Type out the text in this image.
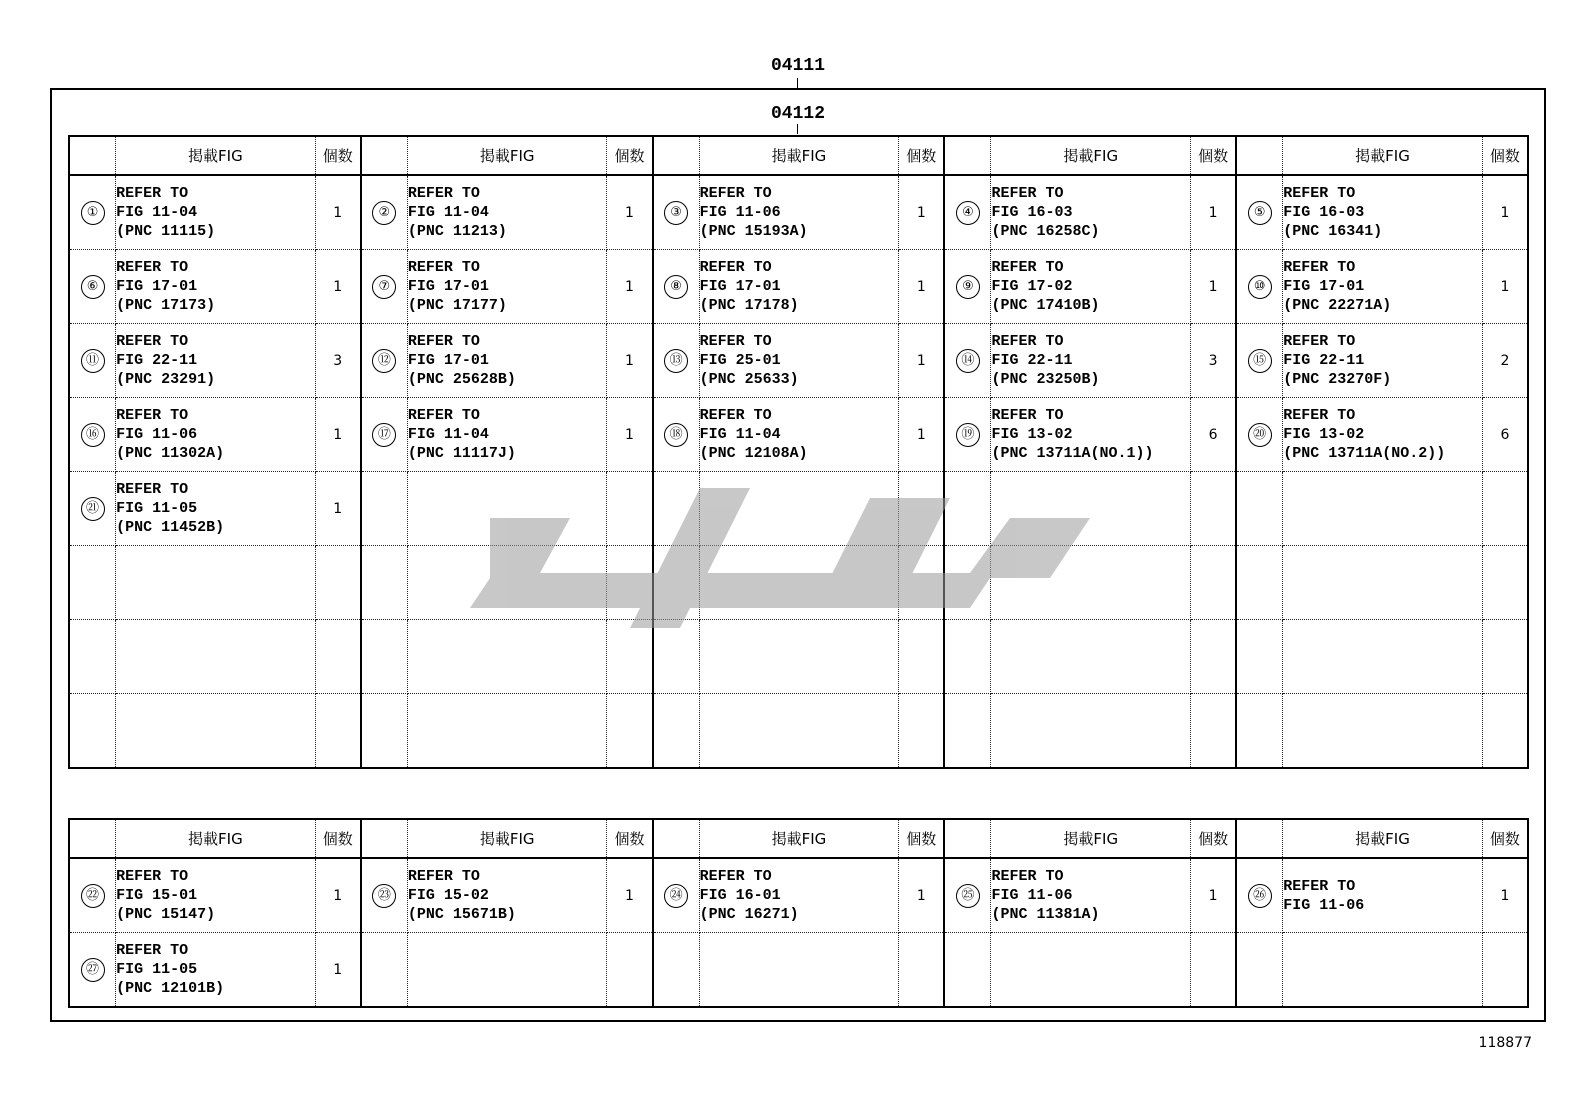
04111
04112
	掲載FIG	個数		掲載FIG	個数		掲載FIG	個数		掲載FIG	個数		掲載FIG	個数
①	REFER TO
FIG 11-04
(PNC 11115)	1	②	REFER TO
FIG 11-04
(PNC 11213)	1	③	REFER TO
FIG 11-06
(PNC 15193A)	1	④	REFER TO
FIG 16-03
(PNC 16258C)	1	⑤	REFER TO
FIG 16-03
(PNC 16341)	1
⑥	REFER TO
FIG 17-01
(PNC 17173)	1	⑦	REFER TO
FIG 17-01
(PNC 17177)	1	⑧	REFER TO
FIG 17-01
(PNC 17178)	1	⑨	REFER TO
FIG 17-02
(PNC 17410B)	1	⑩	REFER TO
FIG 17-01
(PNC 22271A)	1
⑪	REFER TO
FIG 22-11
(PNC 23291)	3	⑫	REFER TO
FIG 17-01
(PNC 25628B)	1	⑬	REFER TO
FIG 25-01
(PNC 25633)	1	⑭	REFER TO
FIG 22-11
(PNC 23250B)	3	⑮	REFER TO
FIG 22-11
(PNC 23270F)	2
⑯	REFER TO
FIG 11-06
(PNC 11302A)	1	⑰	REFER TO
FIG 11-04
(PNC 11117J)	1	⑱	REFER TO
FIG 11-04
(PNC 12108A)	1	⑲	REFER TO
FIG 13-02
(PNC 13711A(NO.1))	6	⑳	REFER TO
FIG 13-02
(PNC 13711A(NO.2))	6
㉑	REFER TO
FIG 11-05
(PNC 11452B)	1												

	掲載FIG	個数		掲載FIG	個数		掲載FIG	個数		掲載FIG	個数		掲載FIG	個数
㉒	REFER TO
FIG 15-01
(PNC 15147)	1	㉓	REFER TO
FIG 15-02
(PNC 15671B)	1	㉔	REFER TO
FIG 16-01
(PNC 16271)	1	㉕	REFER TO
FIG 11-06
(PNC 11381A)	1	㉖	REFER TO
FIG 11-06	1
㉗	REFER TO
FIG 11-05
(PNC 12101B)	1												
118877
